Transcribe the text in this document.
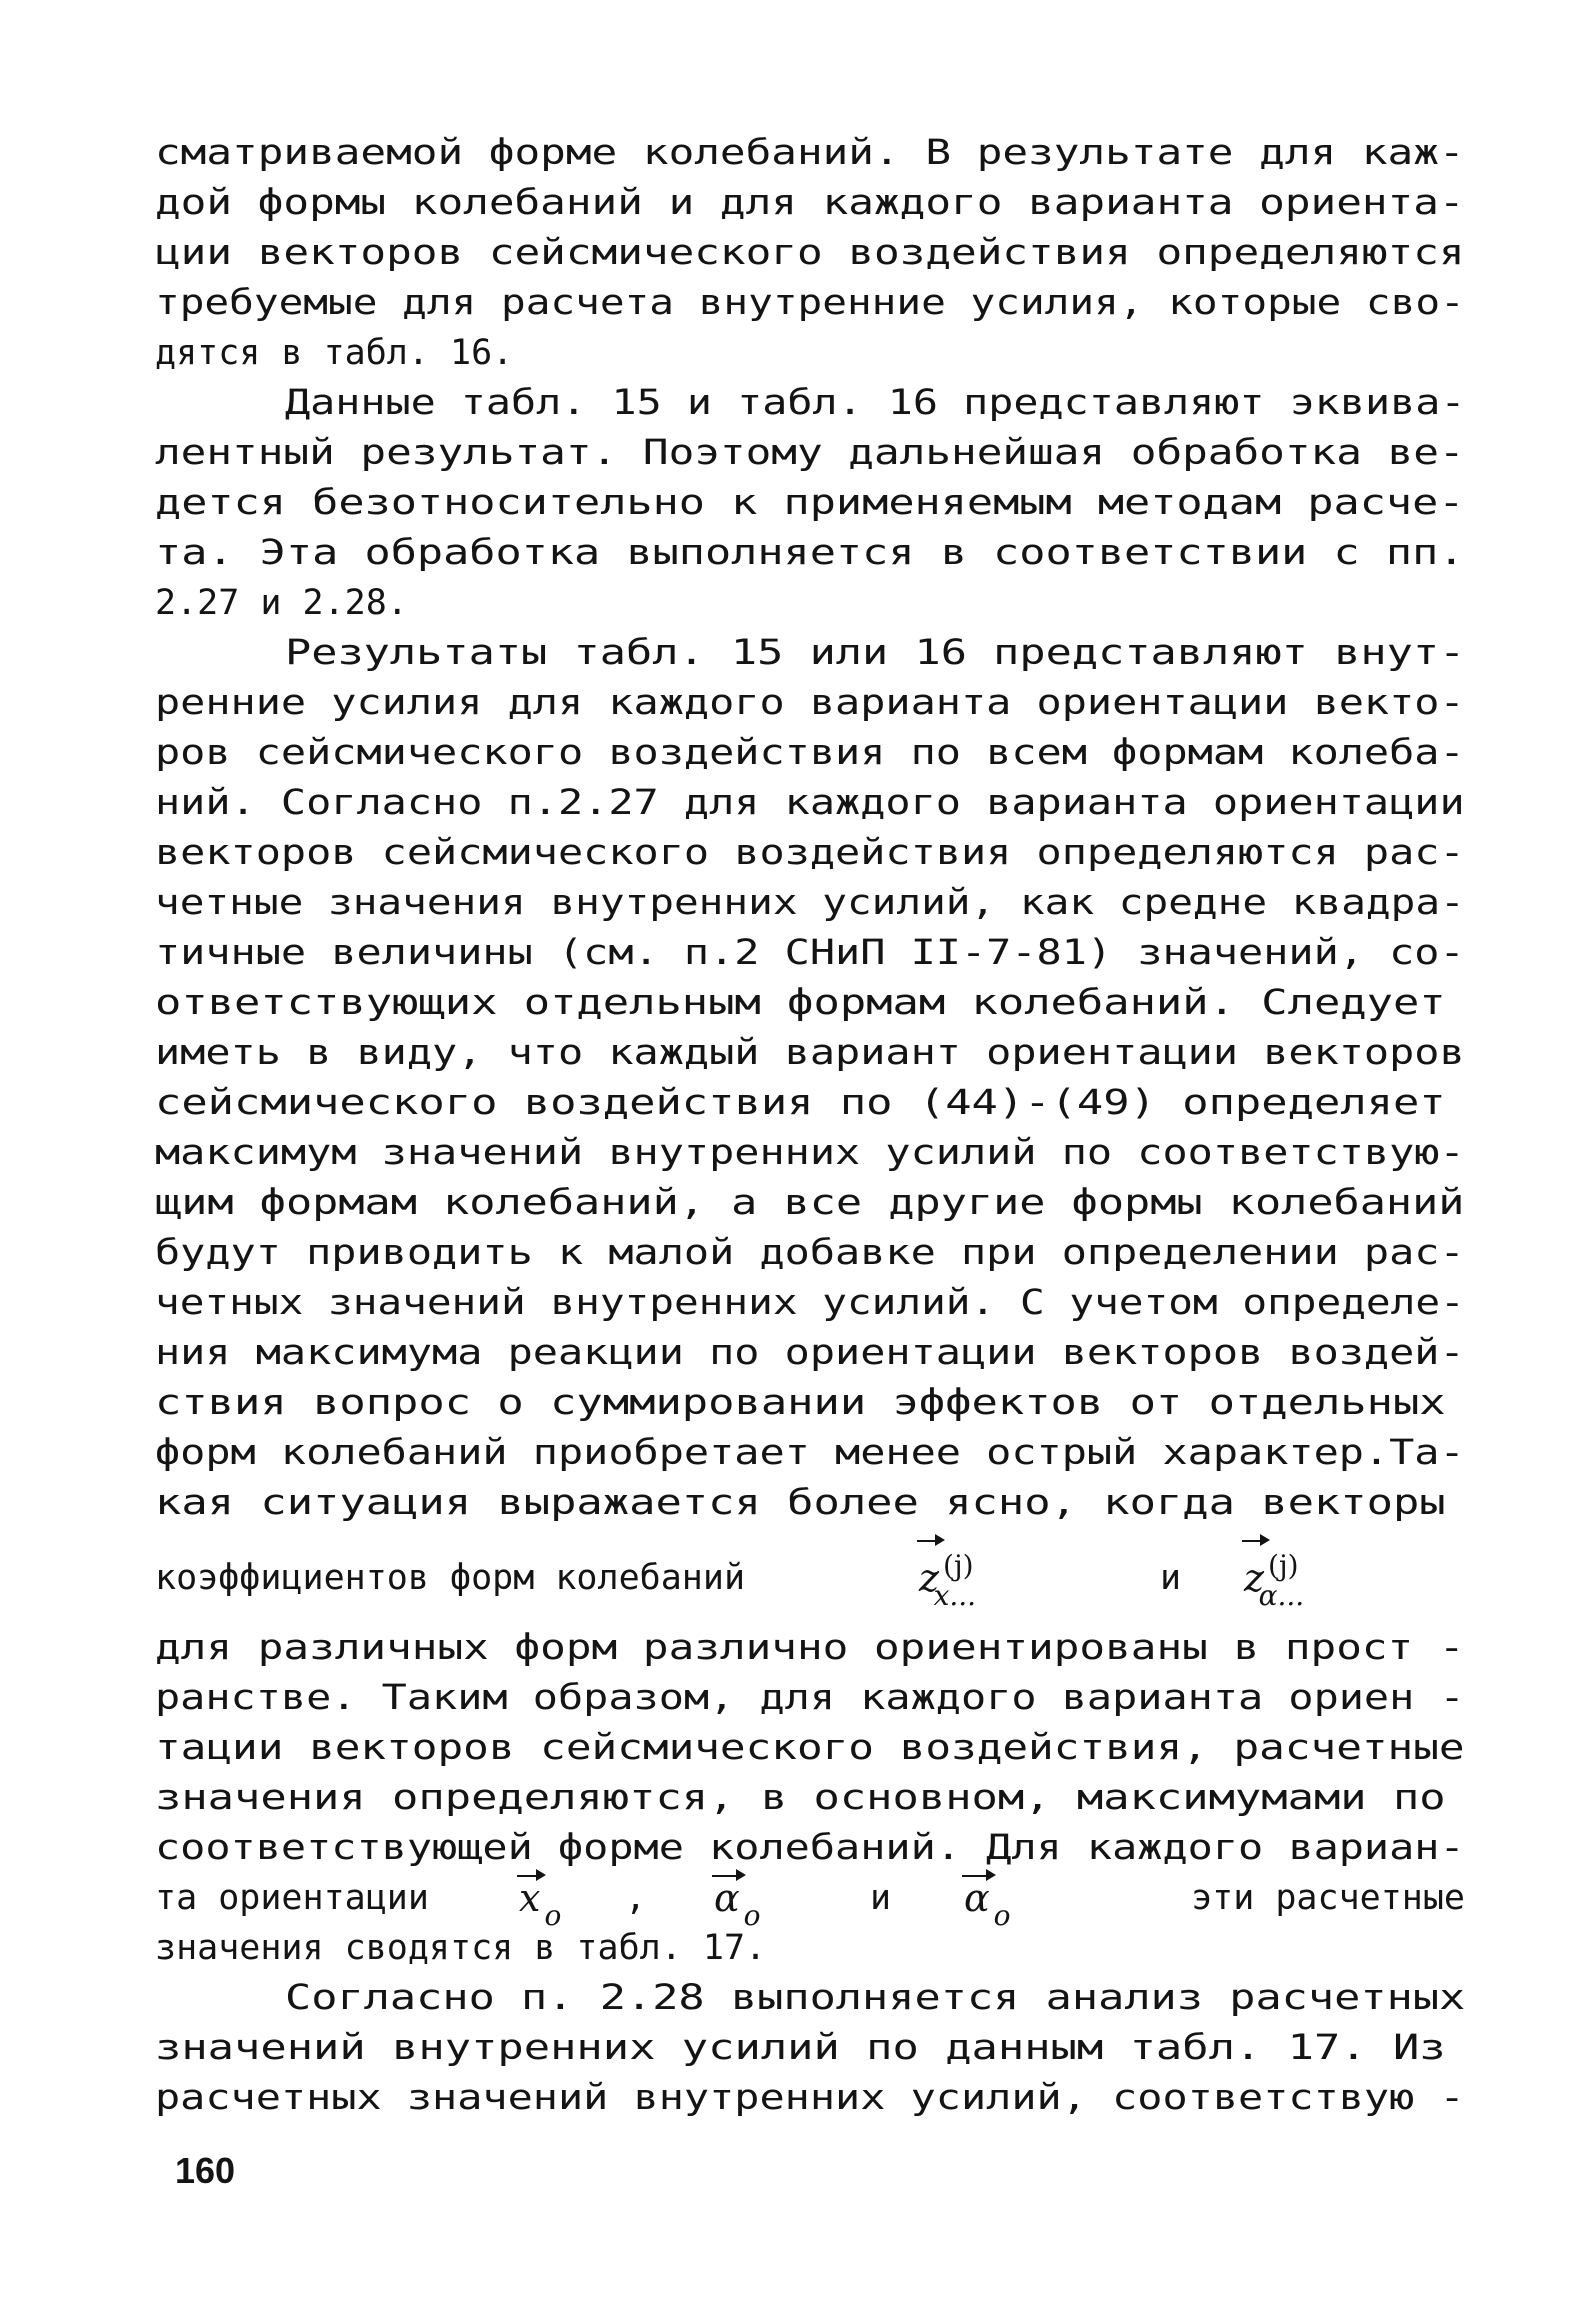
сматриваемой форме колебаний. В результате для каж-
дой формы колебаний и для каждого варианта ориента-
ции векторов сейсмического воздействия определяются
требуемые для расчета внутренние усилия, которые сво-
дятся в табл. 16.
Данные табл. 15 и табл. 16 представляют эквива-
лентный результат. Поэтому дальнейшая обработка ве-
дется безотносительно к применяемым методам расче-
та. Эта обработка выполняется в соответствии с пп.
2.27 и 2.28.
Результаты табл. 15 или 16 представляют внут-
ренние усилия для каждого варианта ориентации векто-
ров сейсмического воздействия по всем формам колеба-
ний. Согласно п.2.27 для каждого варианта ориентации
векторов сейсмического воздействия определяются рас-
четные значения внутренних усилий, как средне квадра-
тичные величины (см. п.2 СНиП II-7-81) значений, со-
ответствующих отдельным формам колебаний. Следует
иметь в виду, что каждый вариант ориентации векторов
сейсмического воздействия по (44)-(49) определяет
максимум значений внутренних усилий по соответствую-
щим формам колебаний, а все другие формы колебаний
будут приводить к малой добавке при определении рас-
четных значений внутренних усилий. С учетом определе-
ния максимума реакции по ориентации векторов воздей-
ствия вопрос о суммировании эффектов от отдельных
форм колебаний приобретает менее острый характер.Та-
кая ситуация выражается более ясно, когда векторы
коэффициентов форм колебаний	z $^{(j)}_{x...}$	и z $^{(j)}_{\alpha...}$
для различных форм различно ориентированы в прост -
ранстве. Таким образом, для каждого варианта ориен -
тации векторов сейсмического воздействия, расчетные
значения определяются, в основном, максимумами по
соответствующей форме колебаний. Для каждого вариан-
та ориентации x $_o$ , α $_o$	и α $_o$	эти расчетные
значения сводятся в табл. 17.
Согласно п. 2.28 выполняется анализ расчетных
значений внутренних усилий по данным табл. 17. Из
расчетных значений внутренних усилий, соответствую -
160
